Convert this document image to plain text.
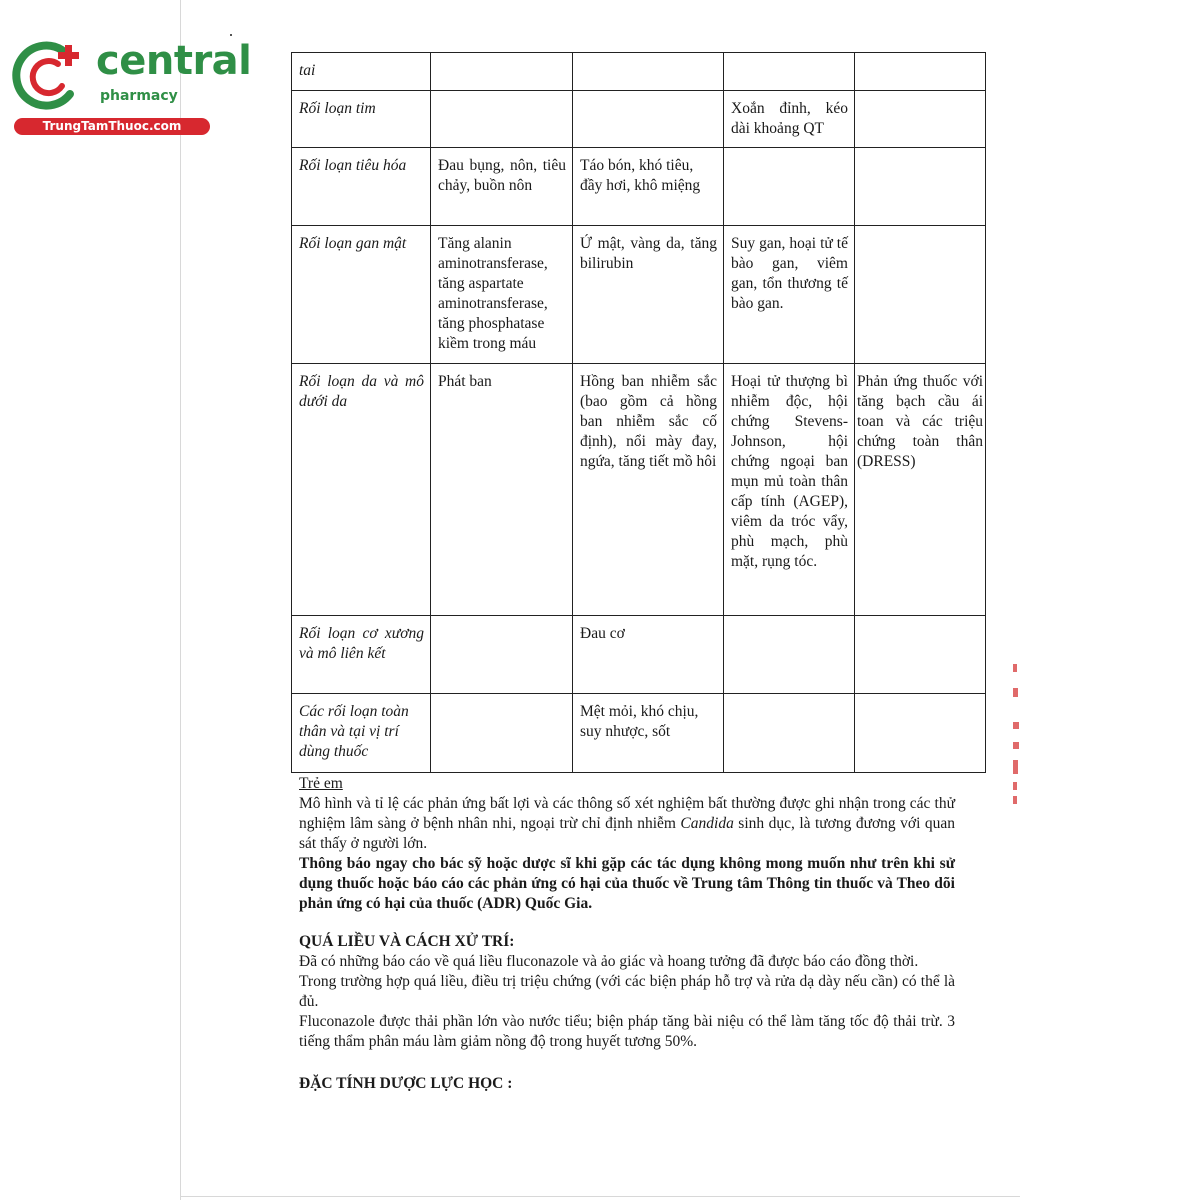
central
pharmacy
TrungTamThuoc.com
tai				
Rối loạn tim			Xoắn đỉnh, kéo dài khoảng QT	
Rối loạn tiêu hóa	Đau bụng, nôn, tiêu chảy, buồn nôn	Táo bón, khó tiêu, đầy hơi, khô miệng		
Rối loạn gan mật	Tăng alanin aminotransferase, tăng aspartate aminotransferase, tăng phosphatase kiềm trong máu	Ứ mật, vàng da, tăng bilirubin	Suy gan, hoại tử tế bào gan, viêm gan, tổn thương tế bào gan.	
Rối loạn da và mô dưới da	Phát ban	Hồng ban nhiễm sắc (bao gồm cả hồng ban nhiễm sắc cố định), nổi mày đay, ngứa, tăng tiết mồ hôi	Hoại tử thượng bì nhiễm độc, hội chứng Stevens-Johnson, hội chứng ngoại ban mụn mủ toàn thân cấp tính (AGEP), viêm da tróc vẩy, phù mạch, phù mặt, rụng tóc.	Phản ứng thuốc với tăng bạch cầu ái toan và các triệu chứng toàn thân (DRESS)
Rối loạn cơ xương và mô liên kết		Đau cơ		
Các rối loạn toàn thân và tại vị trí dùng thuốc		Mệt mỏi, khó chịu, suy nhược, sốt		

Trẻ em

Mô hình và tỉ lệ các phản ứng bất lợi và các thông số xét nghiệm bất thường được ghi nhận trong các thử nghiệm lâm sàng ở bệnh nhân nhi, ngoại trừ chỉ định nhiễm Candida sinh dục, là tương đương với quan sát thấy ở người lớn.

Thông báo ngay cho bác sỹ hoặc dược sĩ khi gặp các tác dụng không mong muốn như trên khi sử dụng thuốc hoặc báo cáo các phản ứng có hại của thuốc về Trung tâm Thông tin thuốc và Theo dõi phản ứng có hại của thuốc (ADR) Quốc Gia.

QUÁ LIỀU VÀ CÁCH XỬ TRÍ:

Đã có những báo cáo về quá liều fluconazole và ảo giác và hoang tưởng đã được báo cáo đồng thời.

Trong trường hợp quá liều, điều trị triệu chứng (với các biện pháp hỗ trợ và rửa dạ dày nếu cần) có thể là đủ.

Fluconazole được thải phần lớn vào nước tiểu; biện pháp tăng bài niệu có thể làm tăng tốc độ thải trừ. 3 tiếng thẩm phân máu làm giảm nồng độ trong huyết tương 50%.

ĐẶC TÍNH DƯỢC LỰC HỌC :
